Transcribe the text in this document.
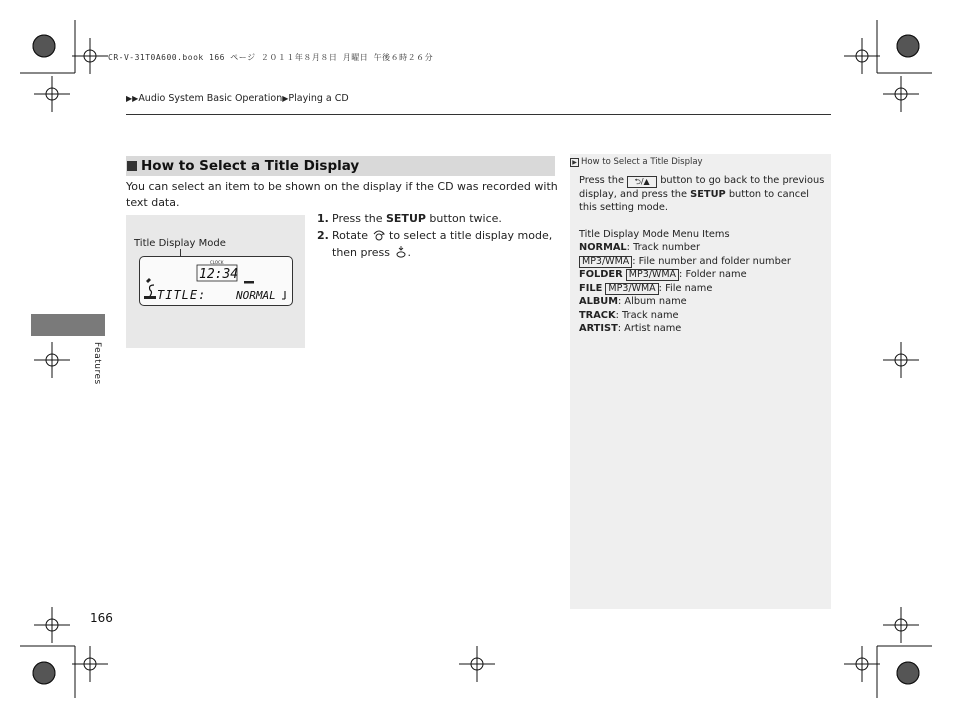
CR-V-31T0A600.book 166 ページ ２０１１年８月８日 月曜日 午後６時２６分
▶▶Audio System Basic Operation▶Playing a CD
How to Select a Title Display
You can select an item to be shown on the display if the CD was recorded with text data.
Title Display Mode
CLOCK
12:34
TITLE:	NORMAL

1. Press the SETUP button twice.

2. Rotate  to select a title display mode, then press .

▶ How to Select a Title Display

Press the ⮌/▲ button to go back to the previous display, and press the SETUP button to cancel this setting mode.

Title Display Mode Menu Items

NORMAL: Track number

MP3/WMA : File number and folder number

FOLDER MP3/WMA : Folder name

FILE MP3/WMA : File name

ALBUM: Album name

TRACK: Track name

ARTIST: Artist name

Features
166
